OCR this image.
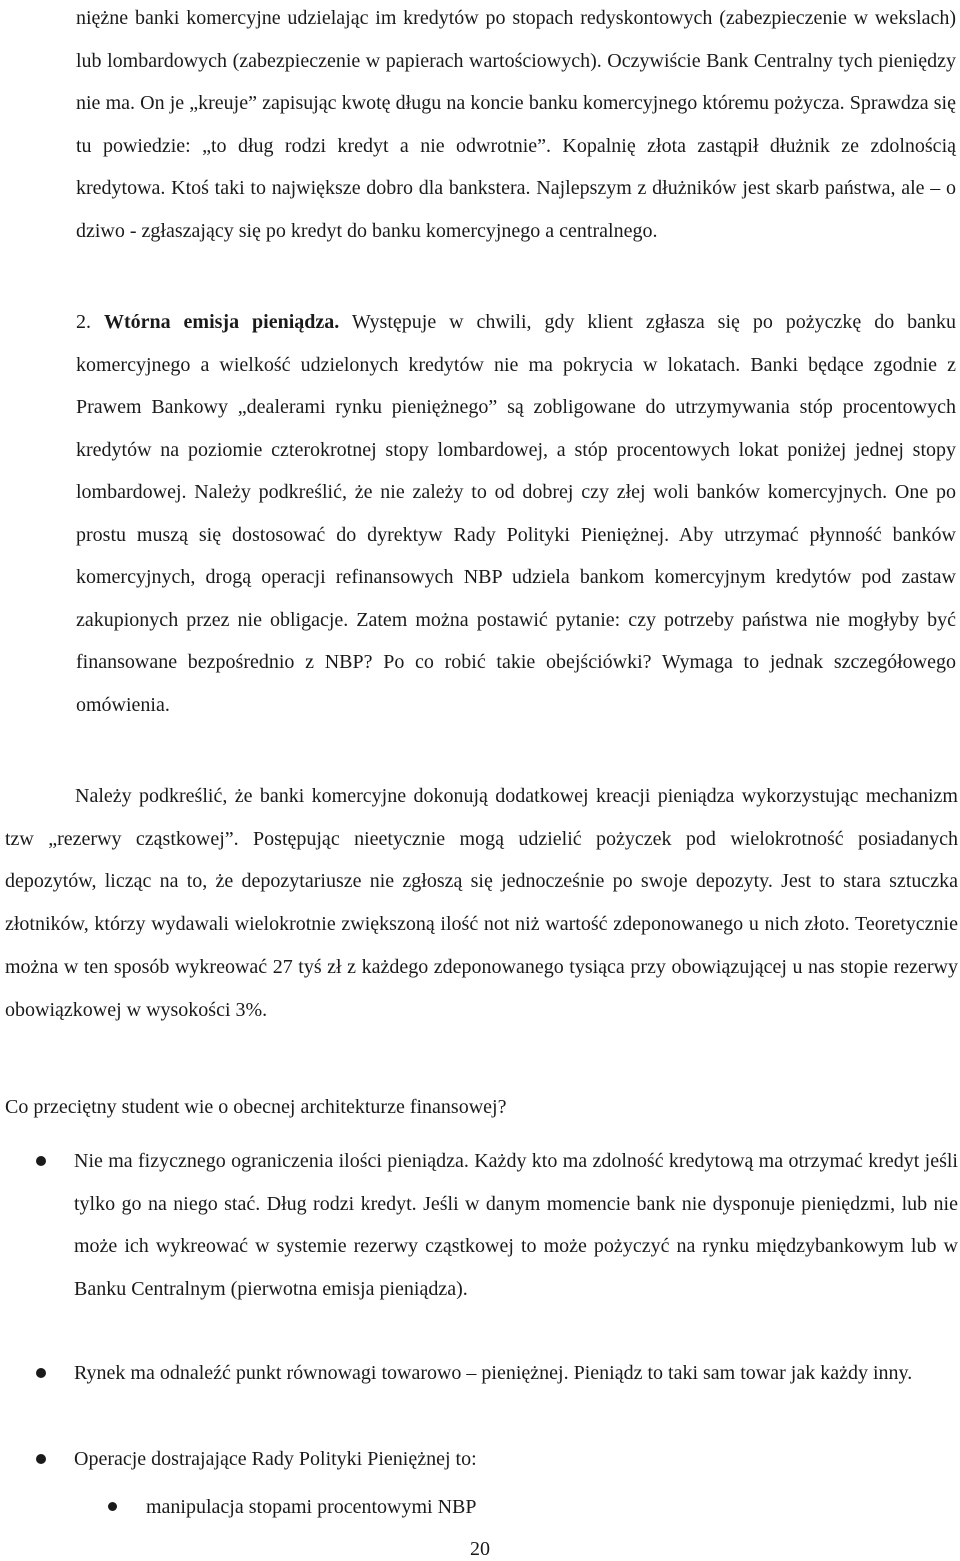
niężne banki komercyjne udzielając im kredytów po stopach redyskontowych (zabezpieczenie w wekslach) lub lombardowych (zabezpieczenie w papierach wartościowych). Oczywiście Bank Centralny tych pieniędzy nie ma. On je „kreuje” zapisując kwotę długu na koncie banku komercyjnego któremu pożycza. Sprawdza się tu powiedzie: „to dług rodzi kredyt a nie odwrotnie”. Kopalnię złota zastąpił dłużnik ze zdolnością kredytowa. Ktoś taki to największe dobro dla bankstera. Najlepszym z dłużników jest skarb państwa, ale – o dziwo - zgłaszający się po kredyt do banku komercyjnego a centralnego.

2. Wtórna emisja pieniądza. Występuje w chwili, gdy klient zgłasza się po pożyczkę do banku komercyjnego a wielkość udzielonych kredytów nie ma pokrycia w lokatach. Banki będące zgodnie z Prawem Bankowy „dealerami rynku pieniężnego” są zobligowane do utrzymywania stóp procentowych kredytów na poziomie czterokrotnej stopy lombardowej, a stóp procentowych lokat poniżej jednej stopy lombardowej. Należy podkreślić, że nie zależy to od dobrej czy złej woli banków komercyjnych. One po prostu muszą się dostosować do dyrektyw Rady Polityki Pieniężnej. Aby utrzymać płynność banków komercyjnych, drogą operacji refinansowych NBP udziela bankom komercyjnym kredytów pod zastaw zakupionych przez nie obligacje. Zatem można postawić pytanie: czy potrzeby państwa nie mogłyby być finansowane bezpośrednio z NBP? Po co robić takie obejściówki? Wymaga to jednak szczegółowego omówienia.

Należy podkreślić, że banki komercyjne dokonują dodatkowej kreacji pieniądza wykorzystując mechanizm tzw „rezerwy cząstkowej”. Postępując nieetycznie mogą udzielić pożyczek pod wielokrotność posiadanych depozytów, licząc na to, że depozytariusze nie zgłoszą się jednocześnie po swoje depozyty. Jest to stara sztuczka złotników, którzy wydawali wielokrotnie zwiększoną ilość not niż wartość zdeponowanego u nich złoto. Teoretycznie można w ten sposób wykreować 27 tyś zł z każdego zdeponowanego tysiąca przy obowiązującej u nas stopie rezerwy obowiązkowej w wysokości 3%.

Co przeciętny student wie o obecnej architekturze finansowej?

Nie ma fizycznego ograniczenia ilości pieniądza. Każdy kto ma zdolność kredytową ma otrzymać kredyt jeśli tylko go na niego stać. Dług rodzi kredyt. Jeśli w danym momencie bank nie dysponuje pieniędzmi, lub nie może ich wykreować w systemie rezerwy cząstkowej to może pożyczyć na rynku międzybankowym lub w Banku Centralnym (pierwotna emisja pieniądza).

Rynek ma odnaleźć punkt równowagi towarowo – pieniężnej. Pieniądz to taki sam towar jak każdy inny.

Operacje dostrajające Rady Polityki Pieniężnej to:

manipulacja stopami procentowymi NBP

20
